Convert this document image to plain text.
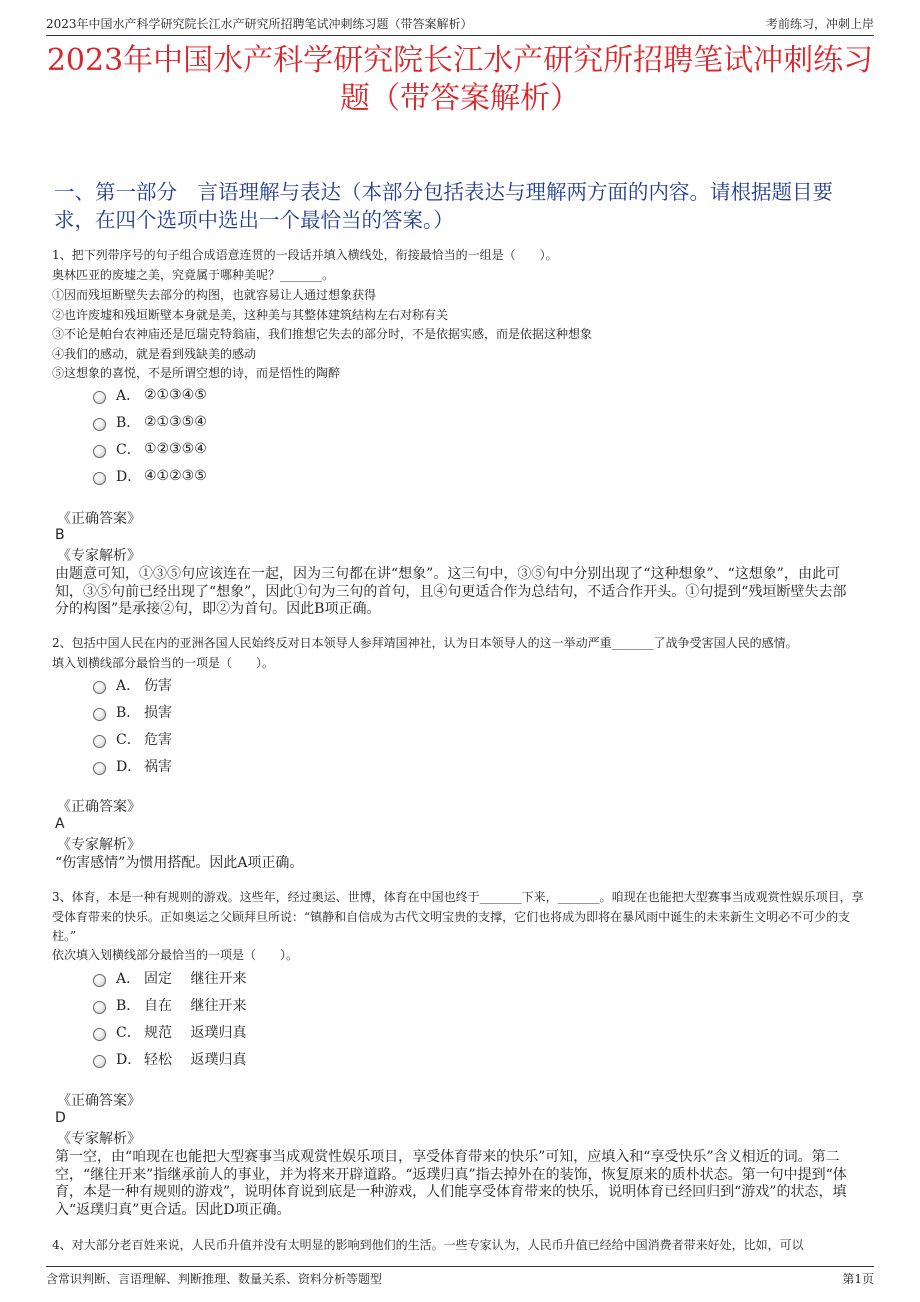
2023年中国水产科学研究院长江水产研究所招聘笔试冲刺练习题（带答案解析）	考前练习，冲刺上岸
2023年中国水产科学研究院长江水产研究所招聘笔试冲刺练习题（带答案解析）
一、第一部分　言语理解与表达（本部分包括表达与理解两方面的内容。请根据题目要求，在四个选项中选出一个最恰当的答案。）

1、把下列带序号的句子组合成语意连贯的一段话并填入横线处，衔接最恰当的一组是（　　）。

奥林匹亚的废墟之美，究竟属于哪种美呢？_______。

①因而残垣断壁失去部分的构图，也就容易让人通过想象获得

②也许废墟和残垣断壁本身就是美，这种美与其整体建筑结构左右对称有关

③不论是帕台农神庙还是厄瑞克特翁庙，我们推想它失去的部分时，不是依据实感，而是依据这种想象

④我们的感动，就是看到残缺美的感动

⑤这想象的喜悦，不是所谓空想的诗，而是悟性的陶醉

A． ②①③④⑤
B． ②①③⑤④
C． ①②③⑤④
D． ④①②③⑤
《正确答案》
B
《专家解析》

由题意可知，①③⑤句应该连在一起，因为三句都在讲“想象”。这三句中，③⑤句中分别出现了“这种想象”、“这想象”，由此可知，③⑤句前已经出现了“想象”，因此①句为三句的首句，且④句更适合作为总结句，不适合作开头。①句提到“残垣断壁失去部分的构图”是承接②句，即②为首句。因此B项正确。

2、包括中国人民在内的亚洲各国人民始终反对日本领导人参拜靖国神社，认为日本领导人的这一举动严重_______了战争受害国人民的感情。

填入划横线部分最恰当的一项是（　　）。

A． 伤害
B． 损害
C． 危害
D． 祸害
《正确答案》
A
《专家解析》

“伤害感情”为惯用搭配。因此A项正确。

3、体育，本是一种有规则的游戏。这些年，经过奥运、世博，体育在中国也终于_______下来，_______。咱现在也能把大型赛事当成观赏性娱乐项目，享受体育带来的快乐。正如奥运之父顾拜旦所说：“镇静和自信成为古代文明宝贵的支撑，它们也将成为即将在暴风雨中诞生的未来新生文明必不可少的支柱。”

依次填入划横线部分最恰当的一项是（　　）。

A． 固定　 继往开来
B． 自在　 继往开来
C． 规范　 返璞归真
D． 轻松　 返璞归真
《正确答案》
D
《专家解析》

第一空，由“咱现在也能把大型赛事当成观赏性娱乐项目，享受体育带来的快乐”可知，应填入和“享受快乐”含义相近的词。第二空，“继往开来”指继承前人的事业，并为将来开辟道路。“返璞归真”指去掉外在的装饰，恢复原来的质朴状态。第一句中提到“体育，本是一种有规则的游戏”，说明体育说到底是一种游戏，人们能享受体育带来的快乐，说明体育已经回归到“游戏”的状态，填入“返璞归真”更合适。因此D项正确。

4、对大部分老百姓来说，人民币升值并没有太明显的影响到他们的生活。一些专家认为，人民币升值已经给中国消费者带来好处，比如，可以

含常识判断、言语理解、判断推理、数量关系、资料分析等题型	第1页
